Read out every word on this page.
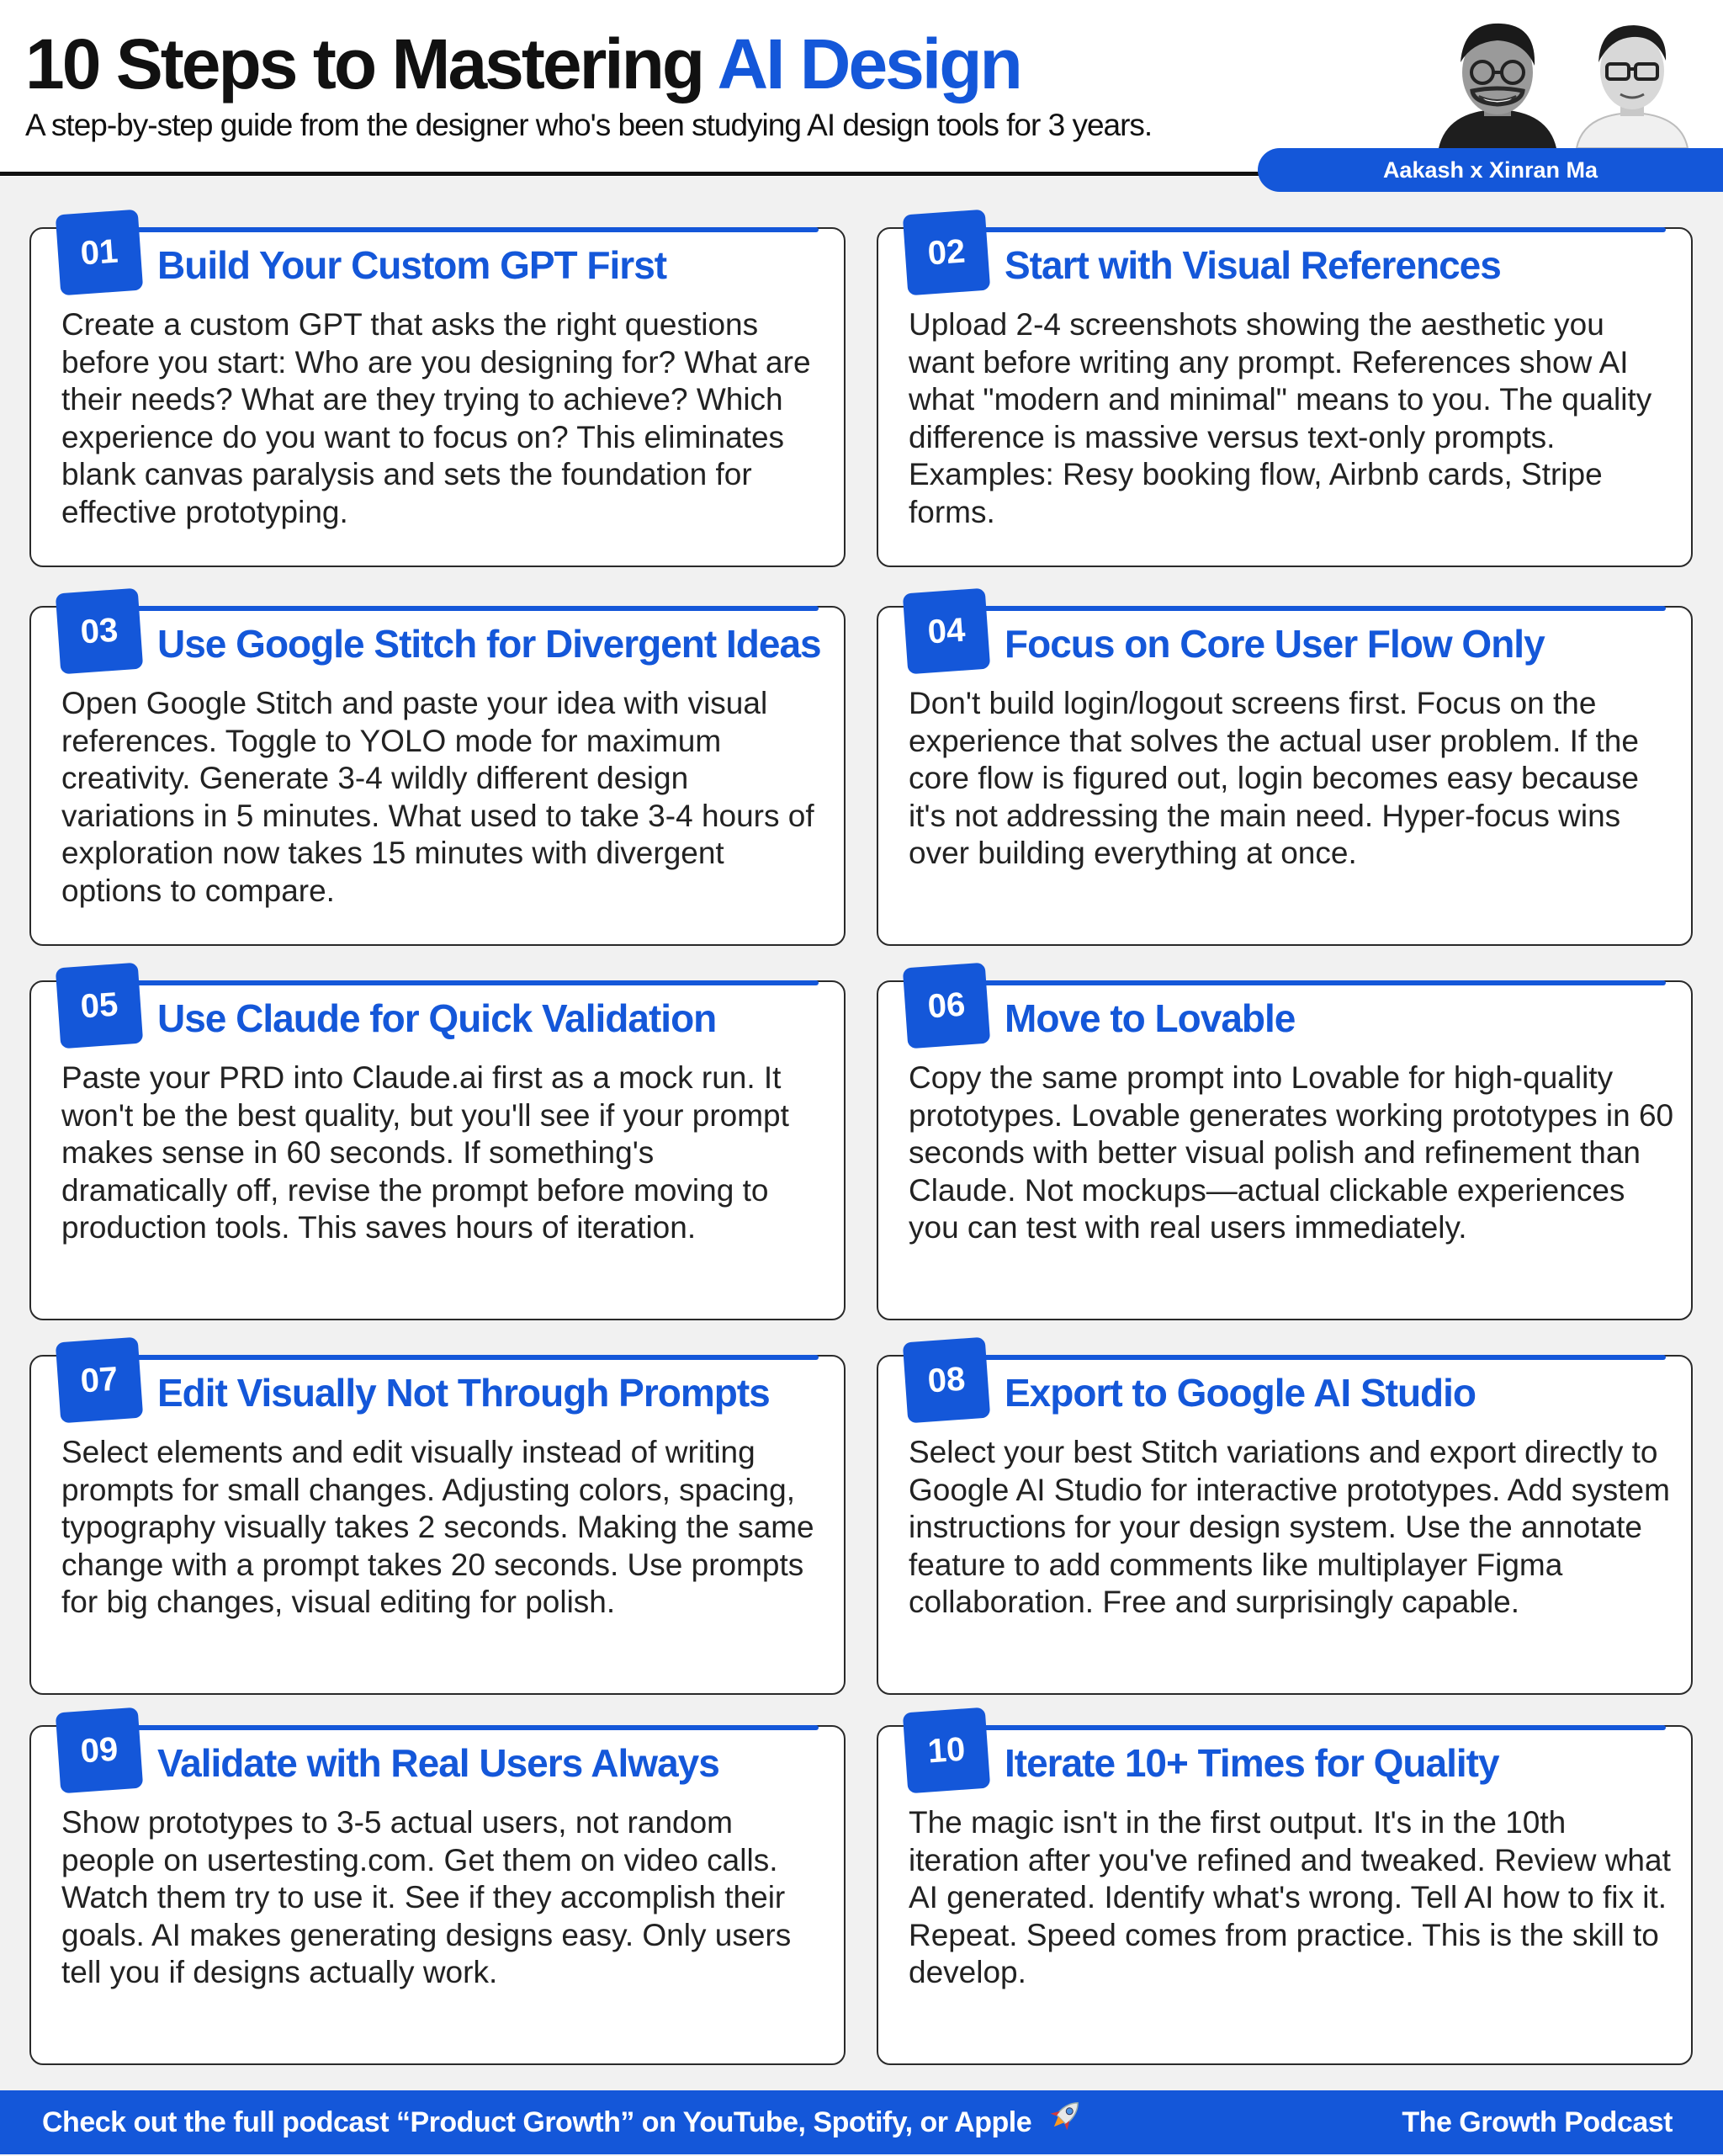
10 Steps to Mastering AI Design

A step-by-step guide from the designer who's been studying AI design tools for 3 years.

Aakash x Xinran Ma
01 Build Your Custom GPT First

Create a custom GPT that asks the right questions before you start: Who are you designing for? What are their needs? What are they trying to achieve? Which experience do you want to focus on? This eliminates blank canvas paralysis and sets the foundation for effective prototyping.

02 Start with Visual References

Upload 2-4 screenshots showing the aesthetic you want before writing any prompt. References show AI what "modern and minimal" means to you. The quality difference is massive versus text-only prompts. Examples: Resy booking flow, Airbnb cards, Stripe forms.

03 Use Google Stitch for Divergent Ideas

Open Google Stitch and paste your idea with visual references. Toggle to YOLO mode for maximum creativity. Generate 3-4 wildly different design variations in 5 minutes. What used to take 3-4 hours of exploration now takes 15 minutes with divergent options to compare.

04 Focus on Core User Flow Only

Don't build login/logout screens first. Focus on the experience that solves the actual user problem. If the core flow is figured out, login becomes easy because it's not addressing the main need. Hyper-focus wins over building everything at once.

05 Use Claude for Quick Validation

Paste your PRD into Claude.ai first as a mock run. It won't be the best quality, but you'll see if your prompt makes sense in 60 seconds. If something's dramatically off, revise the prompt before moving to production tools. This saves hours of iteration.

06 Move to Lovable

Copy the same prompt into Lovable for high-quality prototypes. Lovable generates working prototypes in 60 seconds with better visual polish and refinement than Claude. Not mockups—actual clickable experiences you can test with real users immediately.

07 Edit Visually Not Through Prompts

Select elements and edit visually instead of writing prompts for small changes. Adjusting colors, spacing, typography visually takes 2 seconds. Making the same change with a prompt takes 20 seconds. Use prompts for big changes, visual editing for polish.

08 Export to Google AI Studio

Select your best Stitch variations and export directly to Google AI Studio for interactive prototypes. Add system instructions for your design system. Use the annotate feature to add comments like multiplayer Figma collaboration. Free and surprisingly capable.

09 Validate with Real Users Always

Show prototypes to 3-5 actual users, not random people on usertesting.com. Get them on video calls. Watch them try to use it. See if they accomplish their goals. AI makes generating designs easy. Only users tell you if designs actually work.

10 Iterate 10+ Times for Quality

The magic isn't in the first output. It's in the 10th iteration after you've refined and tweaked. Review what AI generated. Identify what's wrong. Tell AI how to fix it. Repeat. Speed comes from practice. This is the skill to develop.

Check out the full podcast “Product Growth” on YouTube, Spotify, or Apple	The Growth Podcast
